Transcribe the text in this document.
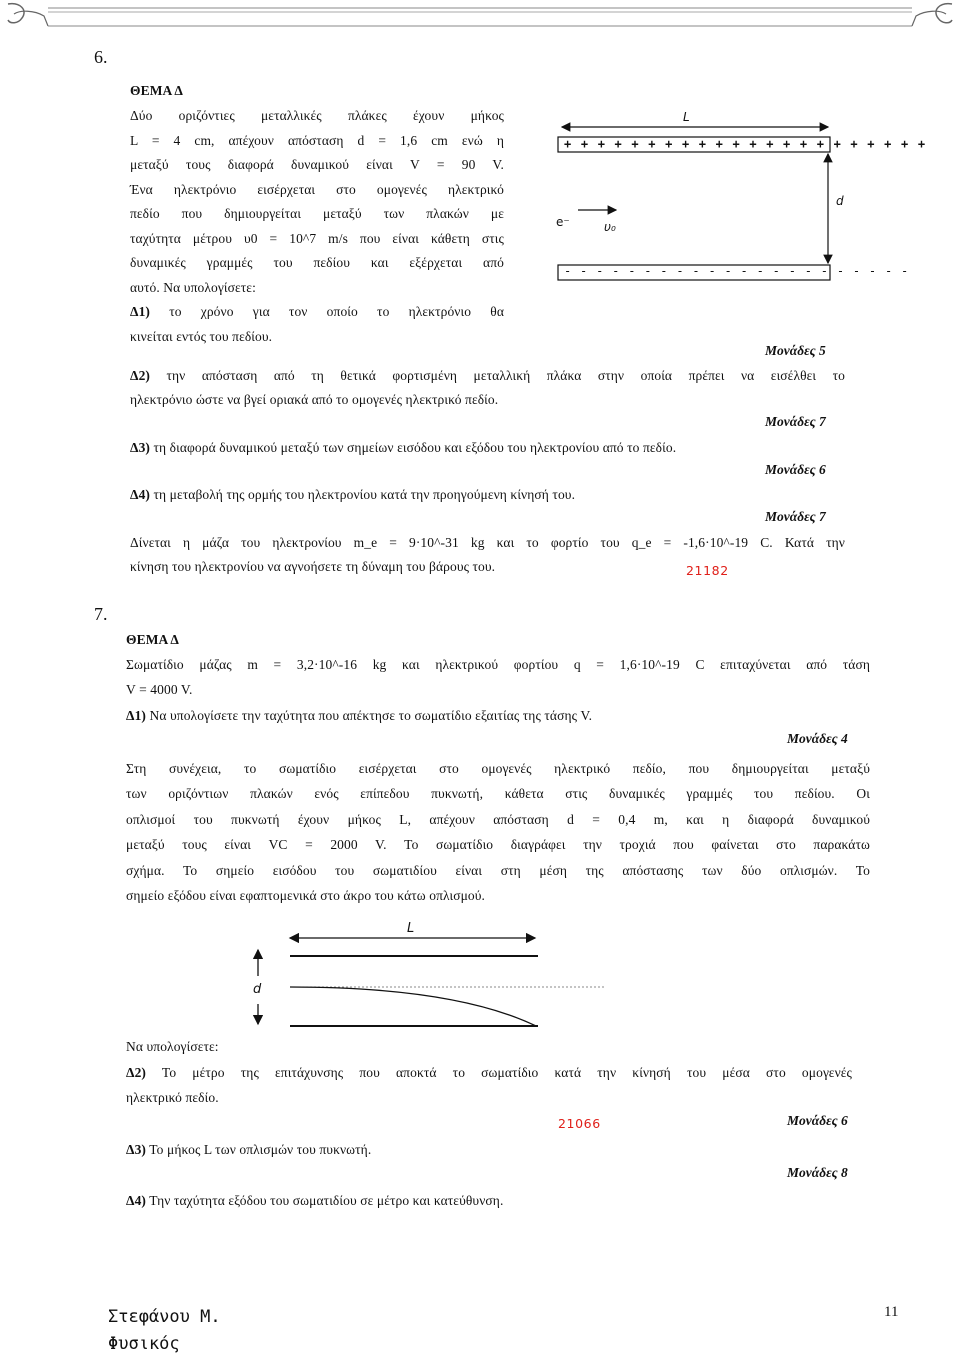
6.
ΘΕΜΑ Δ
Δύο οριζόντιες μεταλλικές πλάκες έχουν μήκος
L = 4 cm, απέχουν απόσταση d = 1,6 cm ενώ η
μεταξύ τους διαφορά δυναμικού είναι V = 90 V.
Ένα ηλεκτρόνιο εισέρχεται στο ομογενές ηλεκτρικό
πεδίο που δημιουργείται μεταξύ των πλακών με
ταχύτητα μέτρου υ0 = 10^7 m/s που είναι κάθετη στις
δυναμικές γραμμές του πεδίου και εξέρχεται από
αυτό. Να υπολογίσετε:
Δ1) το χρόνο για τον οποίο το ηλεκτρόνιο θα
κινείται εντός του πεδίου.
L
d
e⁻	υ₀
+ + + + + + + + + + + + + + + + + + + + + +
- - - - - - - - - - - - - - - - - - - - - -
Μονάδες 5
Δ2) την απόσταση από τη θετικά φορτισμένη μεταλλική πλάκα στην οποία πρέπει να εισέλθει το
ηλεκτρόνιο ώστε να βγεί οριακά από το ομογενές ηλεκτρικό πεδίο.
Μονάδες 7
Δ3) τη διαφορά δυναμικού μεταξύ των σημείων εισόδου και εξόδου του ηλεκτρονίου από το πεδίο.
Μονάδες 6
Δ4) τη μεταβολή της ορμής του ηλεκτρονίου κατά την προηγούμενη κίνησή του.
Μονάδες 7
Δίνεται η μάζα του ηλεκτρονίου m_e = 9·10^-31 kg και το φορτίο του q_e = -1,6·10^-19 C. Κατά την
κίνηση του ηλεκτρονίου να αγνοήσετε τη δύναμη του βάρους του.	21182
7.
ΘΕΜΑ Δ
Σωματίδιο μάζας m = 3,2·10^-16 kg και ηλεκτρικού φορτίου q = 1,6·10^-19 C επιταχύνεται από τάση
V = 4000 V.
Δ1) Να υπολογίσετε την ταχύτητα που απέκτησε το σωματίδιο εξαιτίας της τάσης V.
Μονάδες 4
Στη συνέχεια, το σωματίδιο εισέρχεται στο ομογενές ηλεκτρικό πεδίο, που δημιουργείται μεταξύ
των οριζόντιων πλακών ενός επίπεδου πυκνωτή, κάθετα στις δυναμικές γραμμές του πεδίου. Οι
οπλισμοί του πυκνωτή έχουν μήκος L, απέχουν απόσταση d = 0,4 m, και η διαφορά δυναμικού
μεταξύ τους είναι VC = 2000 V. Το σωματίδιο διαγράφει την τροχιά που φαίνεται στο παρακάτω
σχήμα. Το σημείο εισόδου του σωματιδίου είναι στη μέση της απόστασης των δύο οπλισμών. Το
σημείο εξόδου είναι εφαπτομενικά στο άκρο του κάτω οπλισμού.
L
d
Να υπολογίσετε:
Δ2) Το μέτρο της επιτάχυνσης που αποκτά το σωματίδιο κατά την κίνησή του μέσα στο ομογενές
ηλεκτρικό πεδίο.
21066	Μονάδες 6
Δ3) Το μήκος L των οπλισμών του πυκνωτή.
Μονάδες 8
Δ4) Την ταχύτητα εξόδου του σωματιδίου σε μέτρο και κατεύθυνση.
Στεφάνου Μ.
Φυσικός
11
